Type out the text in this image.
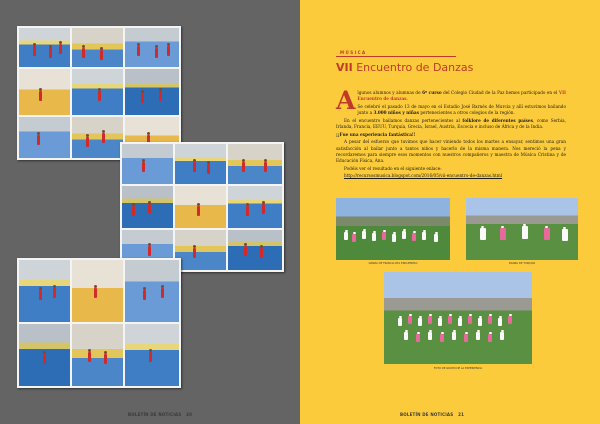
BOLETÍN DE NOTICIAS 20
MÚSICA
VII Encuentro de Danzas

A lgunos alumnos y alumnas de 6º curso del Colegio Ciudad de la Paz hemos participado en el VII Encuentro de danzas.

Se celebró el pasado 13 de mayo en el Estadio José Barnés de Murcia y allí estuvimos bailando junto a 3.000 niños y niñas pertenecientes a otros colegios de la región.

En el encuentro bailamos danzas pertenecientes al folklore de diferentes países, como Serbia, Irlanda, Francia, EEUU, Turquía, Grecia, Israel, Austria, Escocia e incluso de África y de la India.

¡¡Fue una experiencia fantástica!!

A pesar del esfuerzo que tuvimos que hacer viniendo todos los martes a ensayar, sentimos una gran satisfacción al bailar junto a tantos niños y hacerlo de la misma manera. Nos mereció la pena y recordaremos para siempre esos momentos con nuestros compañeros y maestra de Música Cristina y de Educación Física, Ana.

Podéis ver el resultado en el siguiente enlace:

http://recursosmusica.blogspot.com/2016/05/vii-encuentro-de-danzas.html

DANZA DE FRANCIA DEL ENCUENTRO	DANZA DE TURQUÍA
FOTO DE GRUPO DE LA EXPERIENCIA
BOLETÍN DE NOTICIAS 21
